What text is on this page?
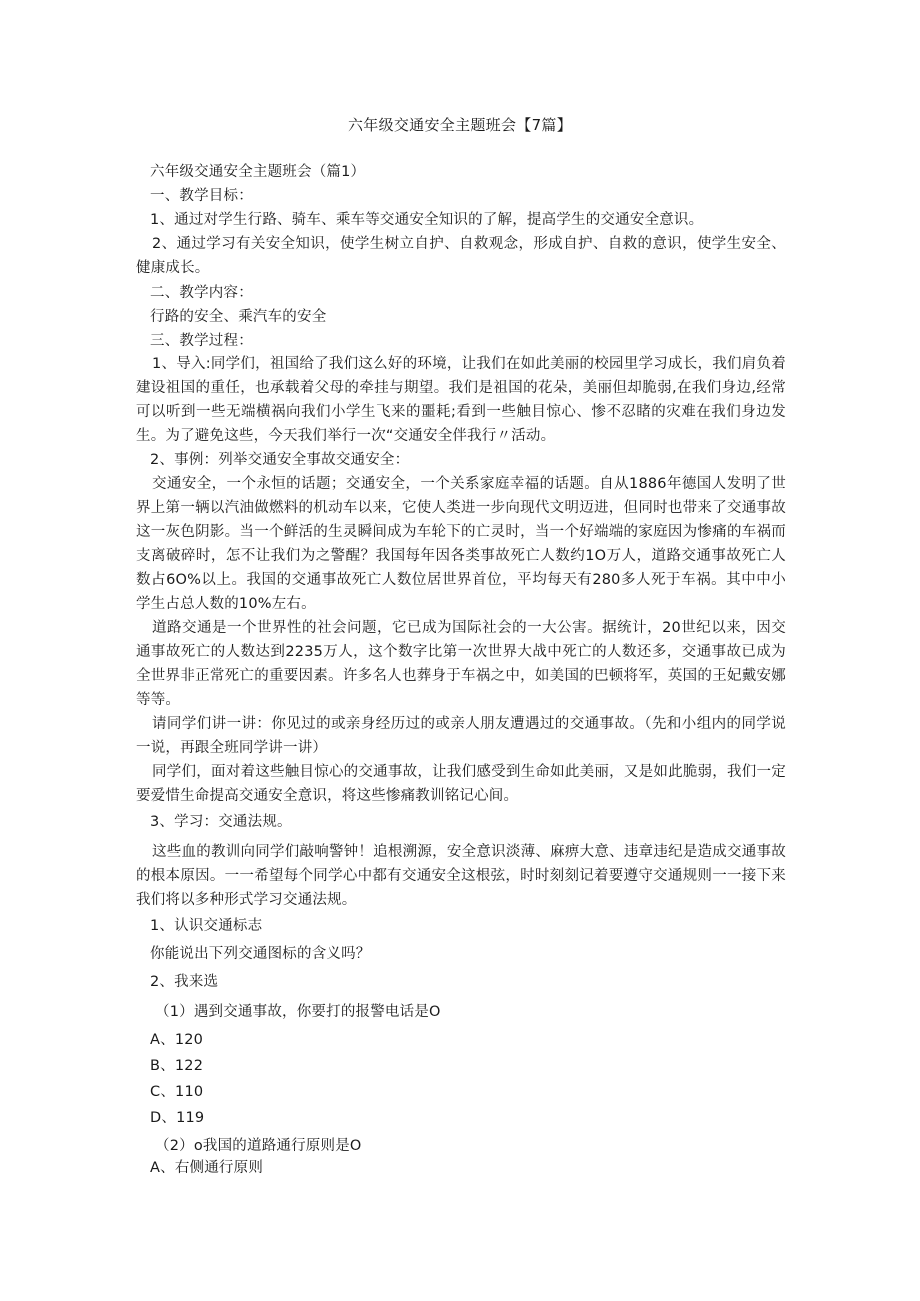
六年级交通安全主题班会【7篇】
六年级交通安全主题班会（篇1）
一、教学目标：
1、通过对学生行路、骑车、乘车等交通安全知识的了解，提高学生的交通安全意识。
2、通过学习有关安全知识，使学生树立自护、自救观念，形成自护、自救的意识，使学生安全、健康成长。
二、教学内容：
行路的安全、乘汽车的安全
三、教学过程：
1、导入:同学们，祖国给了我们这么好的环境，让我们在如此美丽的校园里学习成长，我们肩负着建设祖国的重任，也承载着父母的牵挂与期望。我们是祖国的花朵，美丽但却脆弱,在我们身边,经常可以听到一些无端横祸向我们小学生飞来的噩耗;看到一些触目惊心、惨不忍睹的灾难在我们身边发生。为了避免这些，今天我们举行一次“交通安全伴我行〃活动。
2、事例：列举交通安全事故交通安全：
交通安全，一个永恒的话题；交通安全，一个关系家庭幸福的话题。自从1886年德国人发明了世界上第一辆以汽油做燃料的机动车以来，它使人类进一步向现代文明迈进，但同时也带来了交通事故这一灰色阴影。当一个鲜活的生灵瞬间成为车轮下的亡灵时，当一个好端端的家庭因为惨痛的车祸而支离破碎时，怎不让我们为之警醒？我国每年因各类事故死亡人数约1O万人，道路交通事故死亡人数占6O%以上。我国的交通事故死亡人数位居世界首位，平均每天有280多人死于车祸。其中中小学生占总人数的10%左右。
道路交通是一个世界性的社会问题，它已成为国际社会的一大公害。据统计，20世纪以来，因交通事故死亡的人数达到2235万人，这个数字比第一次世界大战中死亡的人数还多，交通事故已成为全世界非正常死亡的重要因素。许多名人也葬身于车祸之中，如美国的巴顿将军，英国的王妃戴安娜等等。
请同学们讲一讲：你见过的或亲身经历过的或亲人朋友遭遇过的交通事故。（先和小组内的同学说一说，再跟全班同学讲一讲）
同学们，面对着这些触目惊心的交通事故，让我们感受到生命如此美丽，又是如此脆弱，我们一定要爱惜生命提高交通安全意识，将这些惨痛教训铭记心间。
3、学习：交通法规。
这些血的教训向同学们敲响警钟！追根溯源，安全意识淡薄、麻痹大意、违章违纪是造成交通事故的根本原因。一一希望每个同学心中都有交通安全这根弦，时时刻刻记着要遵守交通规则一一接下来我们将以多种形式学习交通法规。
1、认识交通标志
你能说出下列交通图标的含义吗？
2、我来选
（1）遇到交通事故，你要打的报警电话是O
A、120
B、122
C、110
D、119
（2）o我国的道路通行原则是O
A、右侧通行原则
